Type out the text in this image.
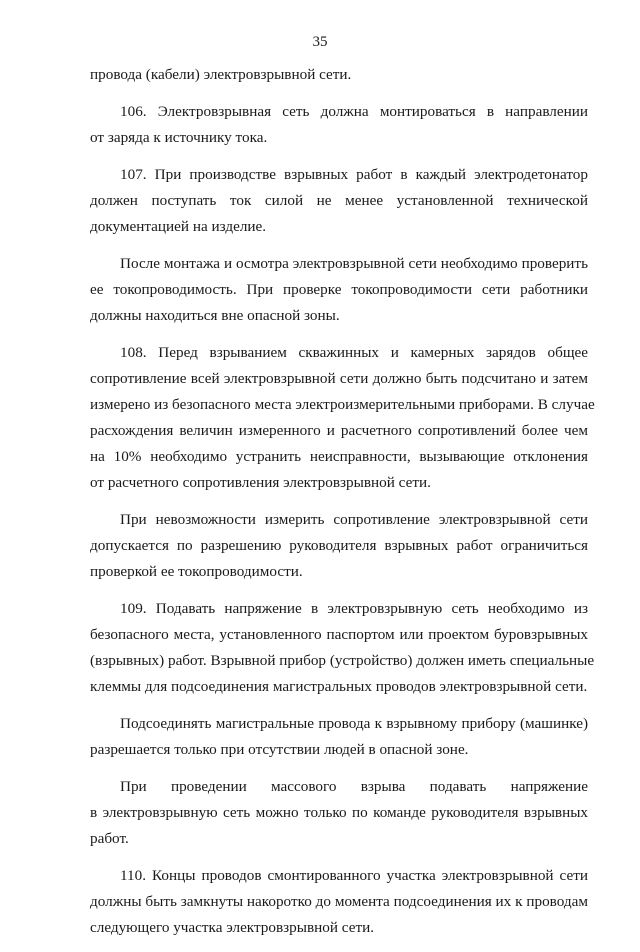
35

провода (кабели) электровзрывной сети.

106. Электровзрывная сеть должна монтироваться в направлении
от заряда к источнику тока.

107. При производстве взрывных работ в каждый электродетонатор
должен поступать ток силой не менее установленной технической
документацией на изделие.

После монтажа и осмотра электровзрывной сети необходимо проверить
ее токопроводимость. При проверке токопроводимости сети работники
должны находиться вне опасной зоны.

108. Перед взрыванием скважинных и камерных зарядов общее
сопротивление всей электровзрывной сети должно быть подсчитано и затем
измерено из безопасного места электроизмерительными приборами. В случае
расхождения величин измеренного и расчетного сопротивлений более чем
на 10% необходимо устранить неисправности, вызывающие отклонения
от расчетного сопротивления электровзрывной сети.

При невозможности измерить сопротивление электровзрывной сети
допускается по разрешению руководителя взрывных работ ограничиться
проверкой ее токопроводимости.

109. Подавать напряжение в электровзрывную сеть необходимо из
безопасного места, установленного паспортом или проектом буровзрывных
(взрывных) работ. Взрывной прибор (устройство) должен иметь специальные
клеммы для подсоединения магистральных проводов электровзрывной сети.

Подсоединять магистральные провода к взрывному прибору (машинке)
разрешается только при отсутствии людей в опасной зоне.

При проведении массового взрыва подавать напряжение
в электровзрывную сеть можно только по команде руководителя взрывных
работ.

110. Концы проводов смонтированного участка электровзрывной сети
должны быть замкнуты накоротко до момента подсоединения их к проводам
следующего участка электровзрывной сети.
